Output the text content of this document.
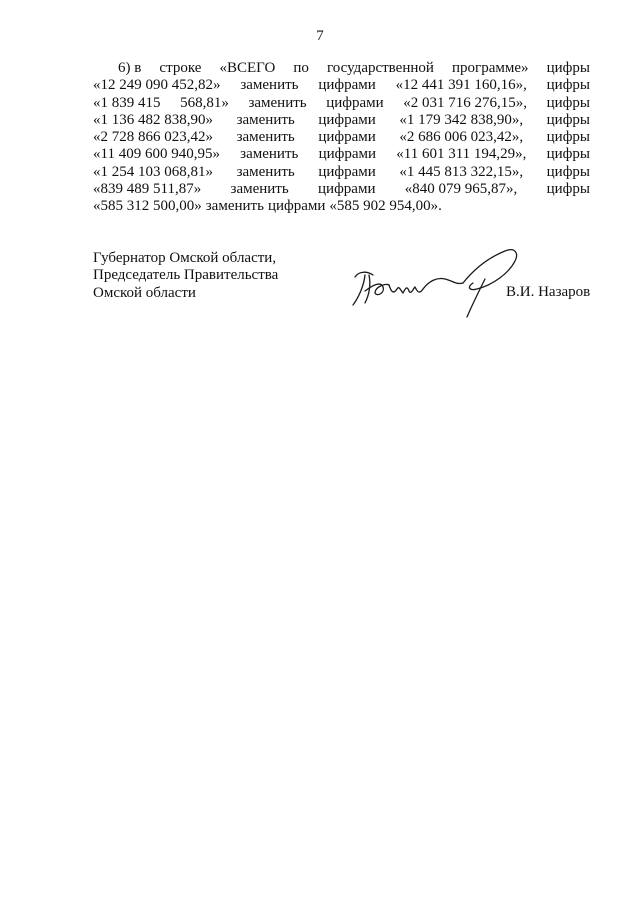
7
6) в строке «ВСЕГО по государственной программе» цифры
«12 249 090 452,82» заменить цифрами «12 441 391 160,16», цифры
«1 839 415 568,81» заменить цифрами «2 031 716 276,15», цифры
«1 136 482 838,90» заменить цифрами «1 179 342 838,90», цифры
«2 728 866 023,42» заменить цифрами «2 686 006 023,42», цифры
«11 409 600 940,95» заменить цифрами «11 601 311 194,29», цифры
«1 254 103 068,81» заменить цифрами «1 445 813 322,15», цифры
«839 489 511,87» заменить цифрами «840 079 965,87», цифры
«585 312 500,00» заменить цифрами «585 902 954,00».
Губернатор Омской области,
Председатель Правительства
Омской области	В.И. Назаров
